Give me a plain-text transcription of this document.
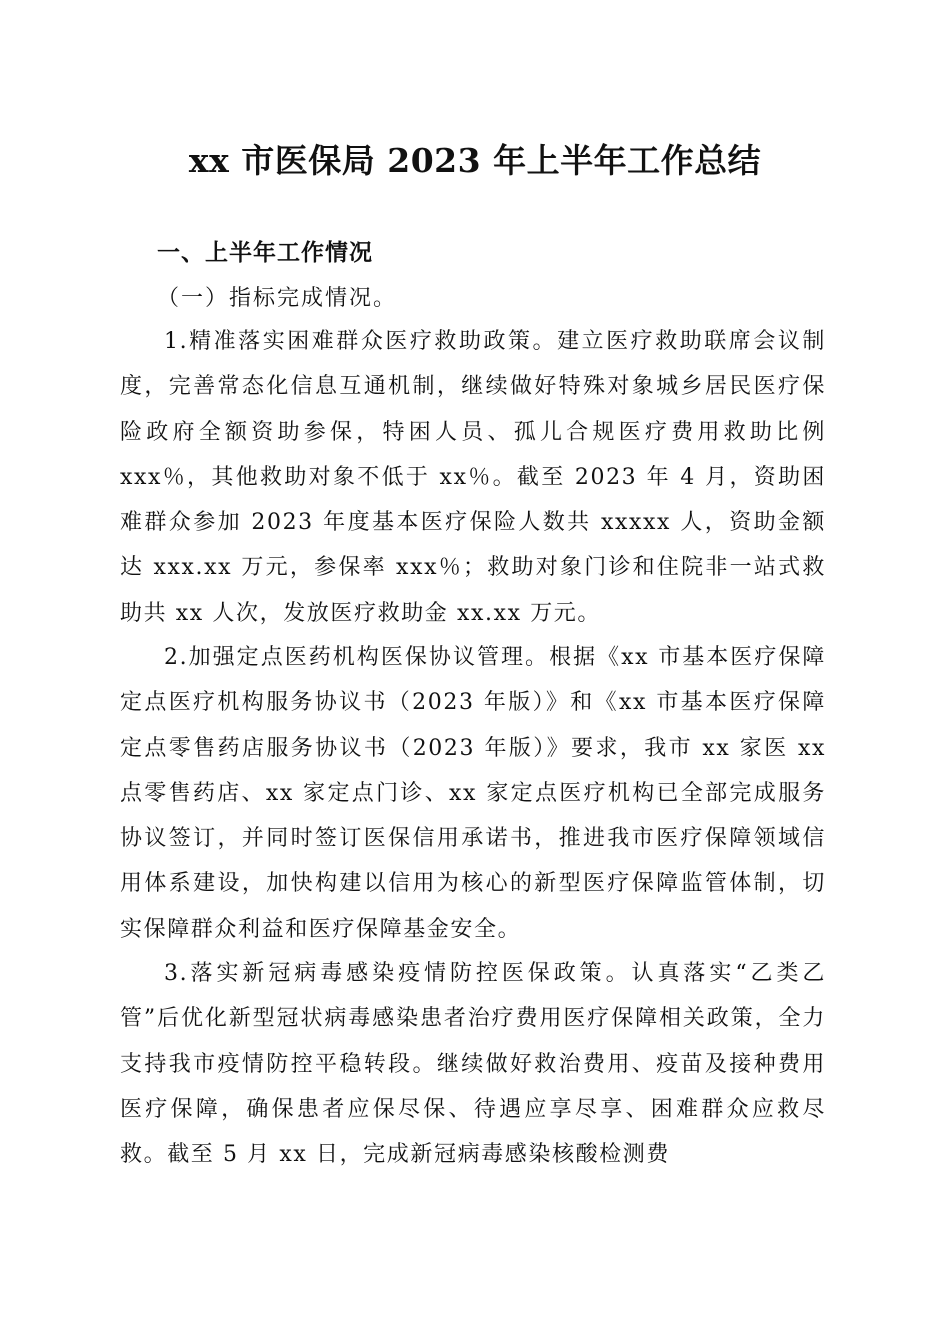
xx 市医保局 2023 年上半年工作总结
一、上半年工作情况
（一）指标完成情况。

1.精准落实困难群众医疗救助政策。建立医疗救助联席会议制度，完善常态化信息互通机制，继续做好特殊对象城乡居民医疗保险政府全额资助参保，特困人员、孤儿合规医疗费用救助比例 xxx％，其他救助对象不低于 xx％。截至 2023 年 4 月，资助困难群众参加 2023 年度基本医疗保险人数共 xxxxx 人，资助金额达 xxx.xx 万元，参保率 xxx％；救助对象门诊和住院非一站式救助共 xx 人次，发放医疗救助金 xx.xx 万元。

2.加强定点医药机构医保协议管理。根据《xx 市基本医疗保障定点医疗机构服务协议书（2023 年版）》和《xx 市基本医疗保障定点零售药店服务协议书（2023 年版）》要求，我市 xx 家医 xx 点零售药店、xx 家定点门诊、xx 家定点医疗机构已全部完成服务协议签订，并同时签订医保信用承诺书，推进我市医疗保障领域信用体系建设，加快构建以信用为核心的新型医疗保障监管体制，切实保障群众利益和医疗保障基金安全。

3.落实新冠病毒感染疫情防控医保政策。认真落实“乙类乙管”后优化新型冠状病毒感染患者治疗费用医疗保障相关政策，全力支持我市疫情防控平稳转段。继续做好救治费用、疫苗及接种费用医疗保障，确保患者应保尽保、待遇应享尽享、困难群众应救尽救。截至 5 月 xx 日，完成新冠病毒感染核酸检测费
